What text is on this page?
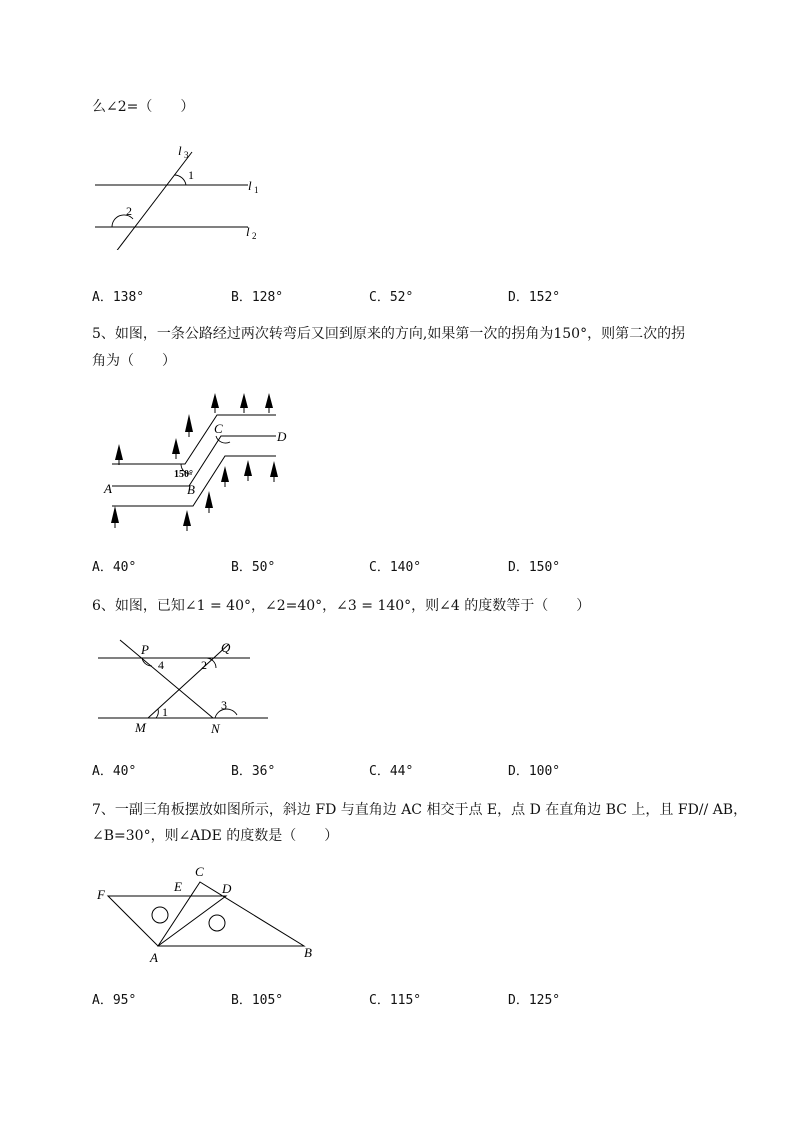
么∠2=（　　）
l 3
1
l 1
2
l 2
A．138°	B．128°	C．52°	D．152°
5、如图，一条公路经过两次转弯后又回到原来的方向,如果第一次的拐角为150°，则第二次的拐
角为（　　）
A	B
C
D
150°
A．40°	B．50°	C．140°	D．150°
6、如图，已知∠1 = 40°，∠2=40°，∠3 = 140°，则∠4 的度数等于（　　）
P	Q
4	2
1	3
M	N
A．40°	B．36°	C．44°	D．100°
7、一副三角板摆放如图所示，斜边 FD 与直角边 AC 相交于点 E，点 D 在直角边 BC 上，且 FD// AB，
∠B=30°，则∠ADE 的度数是（　　）
F
E
C
D
A	B
A．95°	B．105°	C．115°	D．125°
